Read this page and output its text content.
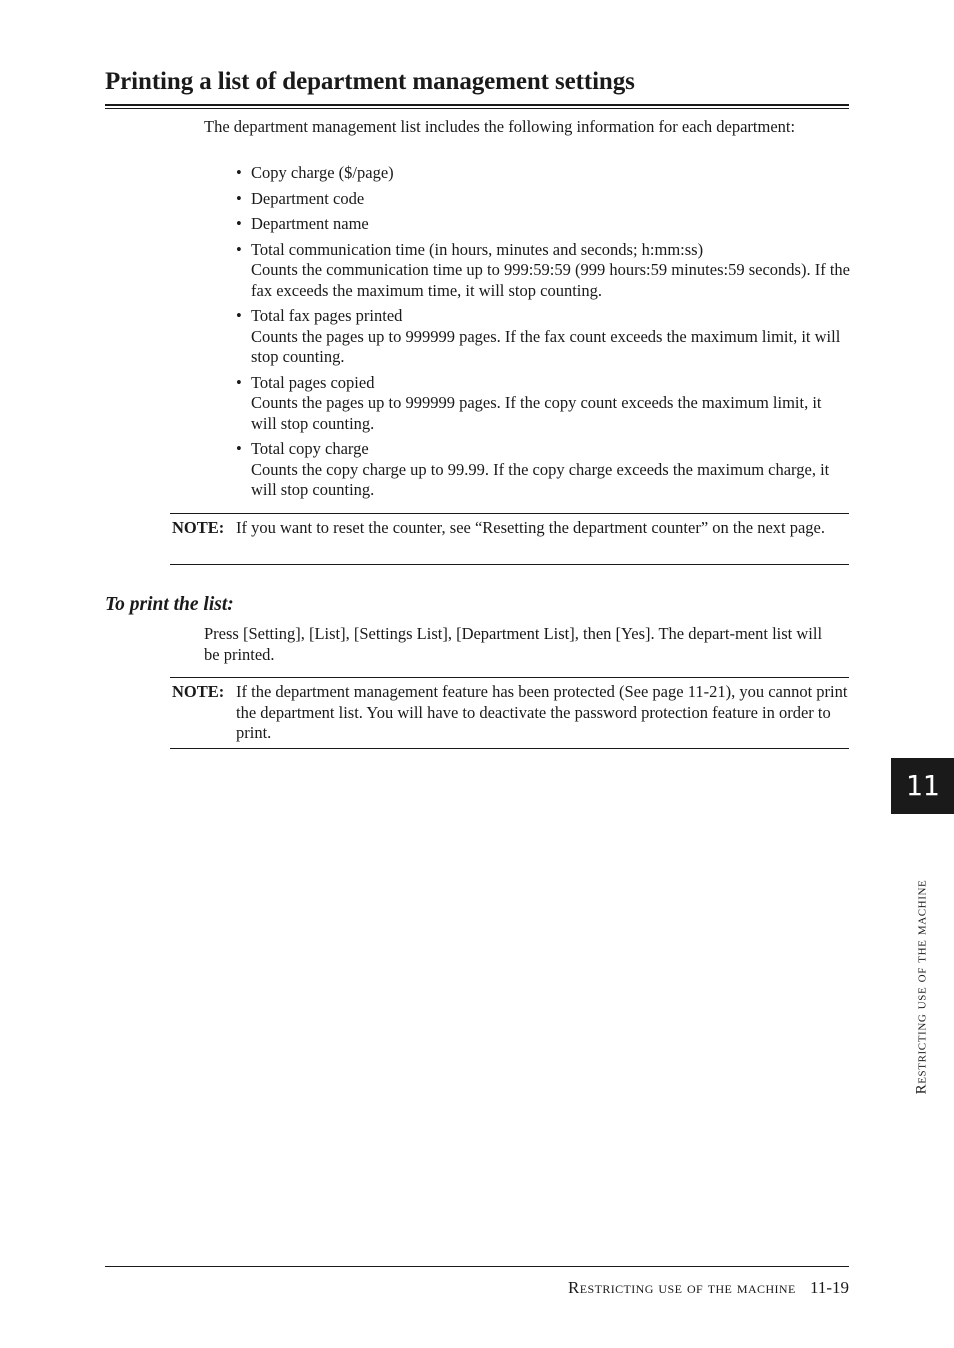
Printing a list of department management settings

The department management list includes the following information for each department:

• Copy charge ($/page)
• Department code
• Department name
• Total communication time (in hours, minutes and seconds; h:mm:ss)
Counts the communication time up to 999:59:59 (999 hours:59 minutes:59 seconds). If the fax exceeds the maximum time, it will stop counting.
• Total fax pages printed
Counts the pages up to 999999 pages. If the fax count exceeds the maximum limit, it will stop counting.
• Total pages copied
Counts the pages up to 999999 pages. If the copy count exceeds the maximum limit, it will stop counting.
• Total copy charge
Counts the copy charge up to 99.99. If the copy charge exceeds the maximum charge, it will stop counting.
NOTE: If you want to reset the counter, see “Resetting the department counter” on the next page.
To print the list:

Press [Setting], [List], [Settings List], [Department List], then [Yes]. The depart-ment list will be printed.

NOTE: If the department management feature has been protected (See page 11-21), you cannot print the department list. You will have to deactivate the password protection feature in order to print.
11
Restricting use of the machine
Restricting use of the machine 11-19
